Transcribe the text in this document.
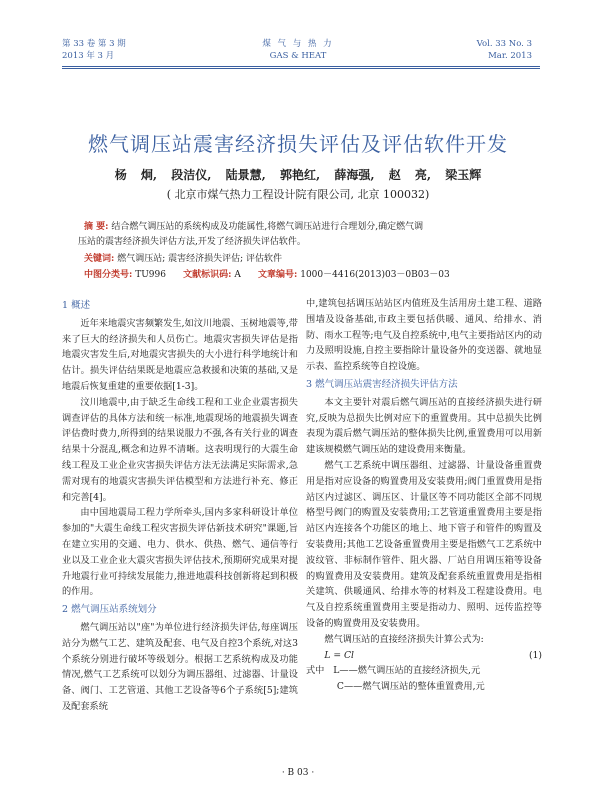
第 33 卷 第 3 期
2013 年 3 月
煤 气 与 热 力
GAS & HEAT
Vol. 33 No. 3
Mar. 2013
燃气调压站震害经济损失评估及评估软件开发
杨 炯, 段洁仪, 陆景慧, 郭艳红, 薛海强, 赵 亮, 梁玉辉
( 北京市煤气热力工程设计院有限公司, 北京 100032)
摘 要: 结合燃气调压站的系统构成及功能属性,将燃气调压站进行合理划分,确定燃气调
压站的震害经济损失评估方法,开发了经济损失评估软件。
关键词: 燃气调压站; 震害经济损失评估; 评估软件
中图分类号: TU996 文献标识码: A 文章编号: 1000－4416(2013)03－0B03－03
1 概述

近年来地震灾害频繁发生,如汶川地震、玉树地震等,带来了巨大的经济损失和人员伤亡。地震灾害损失评估是指地震灾害发生后,对地震灾害损失的大小进行科学地统计和估计。损失评估结果既是地震应急救援和决策的基础,又是地震后恢复重建的重要依据[1-3]。

汶川地震中,由于缺乏生命线工程和工业企业震害损失调查评估的具体方法和统一标准,地震现场的地震损失调查评估费时费力,所得到的结果说服力不强,各有关行业的调查结果十分混乱,概念和边界不清晰。这表明现行的大震生命线工程及工业企业灾害损失评估方法无法满足实际需求,急需对现有的地震灾害损失评估模型和方法进行补充、修正和完善[4]。

由中国地震局工程力学所牵头,国内多家科研设计单位参加的"大震生命线工程灾害损失评估新技术研究"课题,旨在建立实用的交通、电力、供水、供热、燃气、通信等行业以及工业企业大震灾害损失评估技术,预期研究成果对提升地震行业可持续发展能力,推进地震科技创新将起到积极的作用。

2 燃气调压站系统划分

燃气调压站以"座"为单位进行经济损失评估,每座调压站分为燃气工艺、建筑及配套、电气及自控3个系统,对这3个系统分别进行破坏等级划分。根据工艺系统构成及功能情况,燃气工艺系统可以划分为调压器组、过滤器、计量设备、阀门、工艺管道、其他工艺设备等6个子系统[5];建筑及配套系统

中,建筑包括调压站站区内值班及生活用房土建工程、道路围墙及设备基础,市政主要包括供暖、通风、给排水、消防、雨水工程等;电气及自控系统中,电气主要指站区内的动力及照明设施,自控主要指除计量设备外的变送器、就地显示表、监控系统等自控设施。

3 燃气调压站震害经济损失评估方法

本文主要针对震后燃气调压站的直接经济损失进行研究,反映为总损失比例对应下的重置费用。其中总损失比例表现为震后燃气调压站的整体损失比例,重置费用可以用新建该规模燃气调压站的建设费用来衡量。

燃气工艺系统中调压器组、过滤器、计量设备重置费用是指对应设备的购置费用及安装费用;阀门重置费用是指站区内过滤区、调压区、计量区等不同功能区全部不同规格型号阀门的购置及安装费用;工艺管道重置费用主要是指站区内连接各个功能区的地上、地下管子和管件的购置及安装费用;其他工艺设备重置费用主要是指燃气工艺系统中波纹管、非标制作管件、阻火器、厂站自用调压箱等设备的购置费用及安装费用。建筑及配套系统重置费用是指相关建筑、供暖通风、给排水等的材料及工程建设费用。电气及自控系统重置费用主要是指动力、照明、远传监控等设备的购置费用及安装费用。

燃气调压站的直接经济损失计算公式为:

L = Cl	(1)
式中 L——燃气调压站的直接经济损失,元
C——燃气调压站的整体重置费用,元
· B 03 ·
